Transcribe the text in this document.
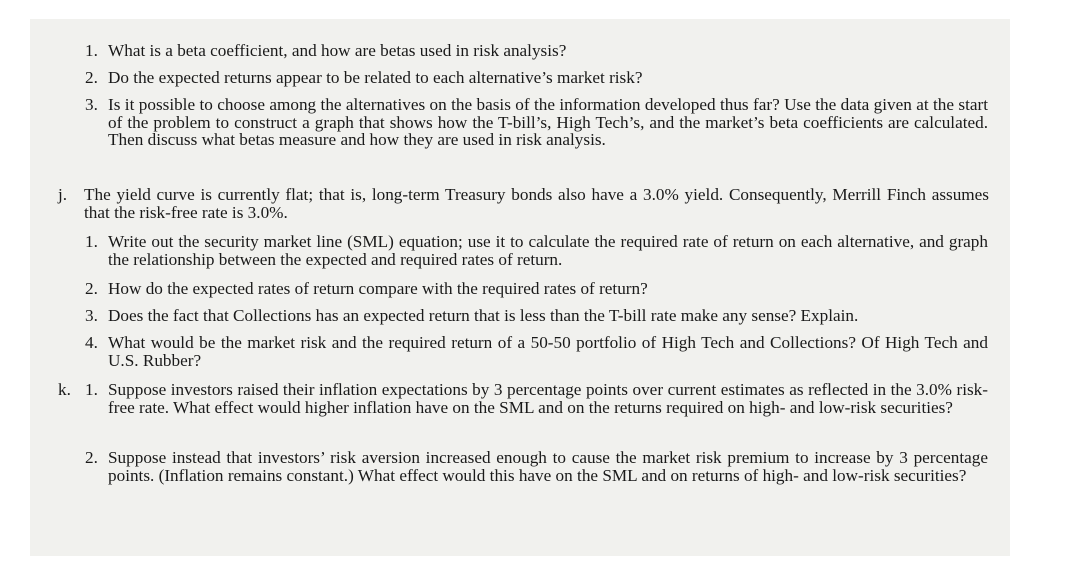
1. What is a beta coefficient, and how are betas used in risk analysis?
2. Do the expected returns appear to be related to each alternative’s market risk?
3. Is it possible to choose among the alternatives on the basis of the information developed thus far? Use the data given at the start of the problem to construct a graph that shows how the T-bill’s, High Tech’s, and the market’s beta coefficients are calculated. Then discuss what betas measure and how they are used in risk analysis.
j. The yield curve is currently flat; that is, long-term Treasury bonds also have a 3.0% yield. Consequently, Merrill Finch assumes that the risk-free rate is 3.0%.
1. Write out the security market line (SML) equation; use it to calculate the required rate of return on each alternative, and graph the relationship between the expected and required rates of return.
2. How do the expected rates of return compare with the required rates of return?
3. Does the fact that Collections has an expected return that is less than the T-bill rate make any sense? Explain.
4. What would be the market risk and the required return of a 50-50 portfolio of High Tech and Collections? Of High Tech and U.S. Rubber?
k. 1. Suppose investors raised their inflation expectations by 3 percentage points over current estimates as reflected in the 3.0% risk-free rate. What effect would higher inflation have on the SML and on the returns required on high- and low-risk securities?
2. Suppose instead that investors’ risk aversion increased enough to cause the market risk premium to increase by 3 percentage points. (Inflation remains constant.) What effect would this have on the SML and on returns of high- and low-risk securities?
